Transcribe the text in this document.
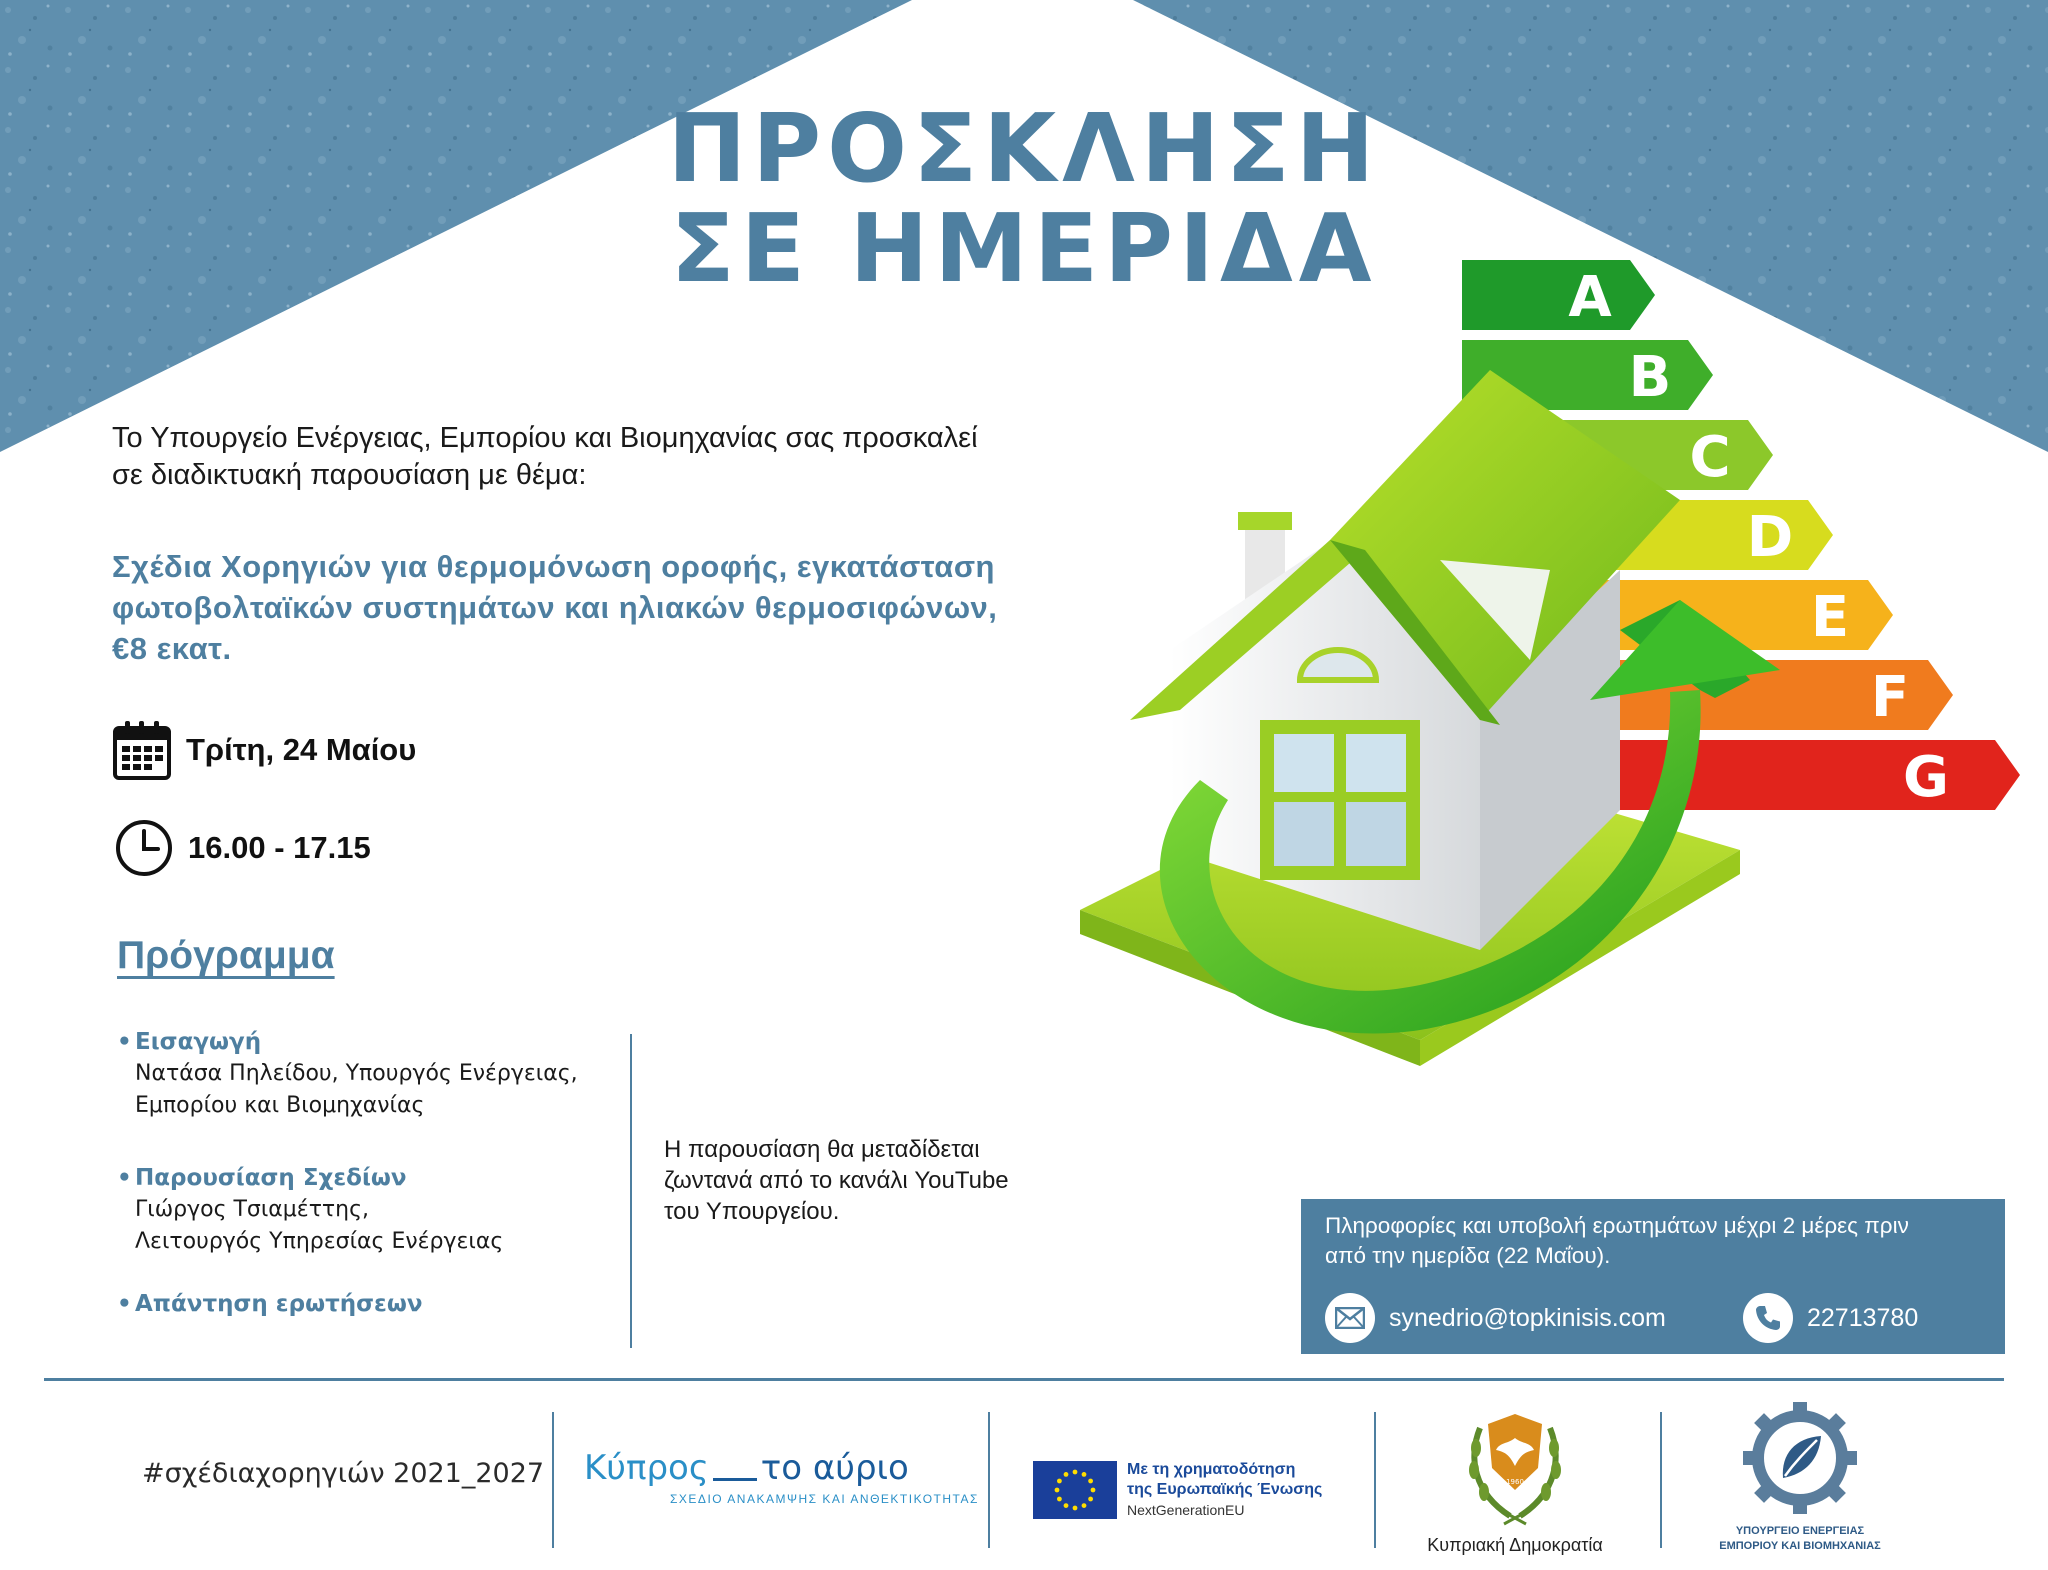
ΠΡΟΣΚΛΗΣΗ
ΣΕ ΗΜΕΡΙΔΑ
Το Υπουργείο Ενέργειας, Εμπορίου και Βιομηχανίας σας προσκαλεί
σε διαδικτυακή παρουσίαση με θέμα:
Σχέδια Χορηγιών για θερμομόνωση οροφής, εγκατάσταση
φωτοβολταϊκών συστημάτων και ηλιακών θερμοσιφώνων,
€8 εκατ.
Τρίτη, 24 Μαίου
16.00 - 17.15
A
B
C
D
E
F
G
Πρόγραμμα
• Εισαγωγή
Νατάσα Πηλείδου, Υπουργός Ενέργειας,
Εμπορίου και Βιομηχανίας
• Παρουσίαση Σχεδίων
Γιώργος Τσιαμέττης,
Λειτουργός Υπηρεσίας Ενέργειας
• Απάντηση ερωτήσεων
Η παρουσίαση θα μεταδίδεται
ζωντανά από το κανάλι YouTube
του Υπουργείου.
Πληροφορίες και υποβολή ερωτημάτων μέχρι 2 μέρες πριν
από την ημερίδα (22 Μαΐου).
synedrio@topkinisis.com	22713780
#σχέδιαχορηγιών 2021_2027 Κύπρος το αύριο
ΣΧΕΔΙΟ ΑΝΑΚΑΜΨΗΣ ΚΑΙ ΑΝΘΕΚΤΙΚΟΤΗΤΑΣ
Με τη χρηματοδότηση
της Ευρωπαϊκής Ένωσης
NextGenerationEU
1960
Κυπριακή Δημοκρατία
ΥΠΟΥΡΓΕΙΟ ΕΝΕΡΓΕΙΑΣ
ΕΜΠΟΡΙΟΥ ΚΑΙ ΒΙΟΜΗΧΑΝΙΑΣ
